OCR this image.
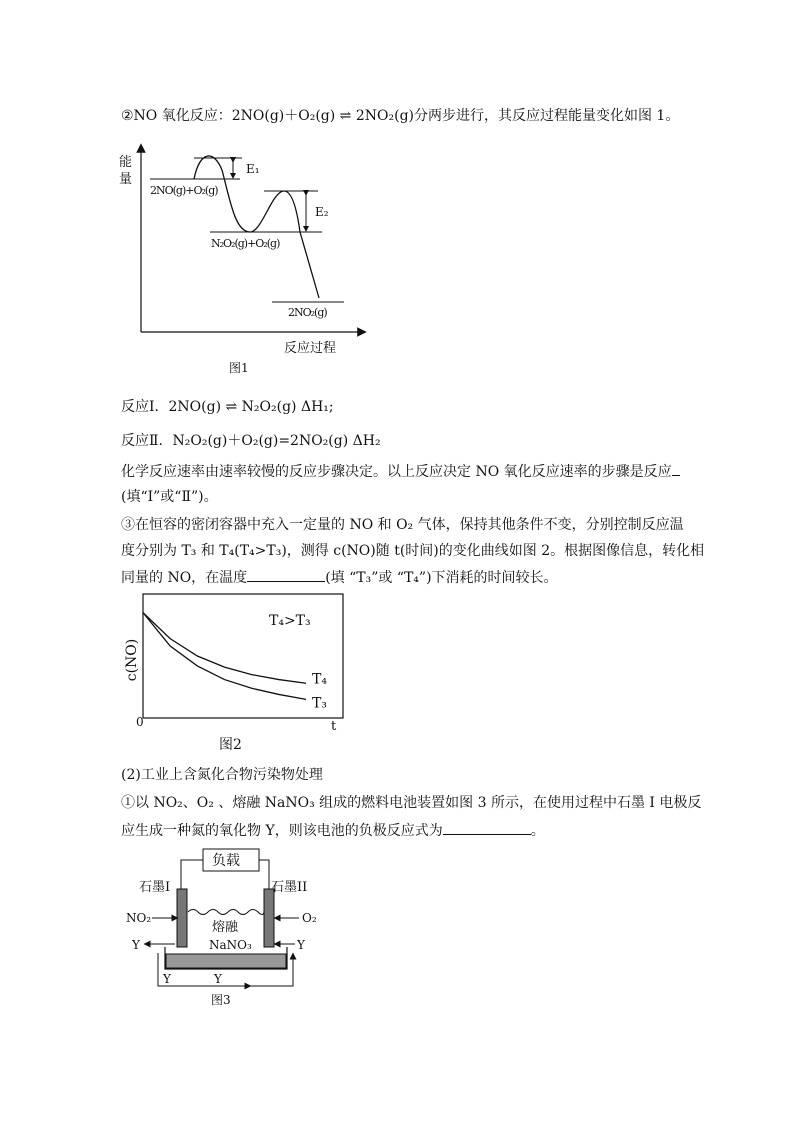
②NO 氧化反应：2NO(g)＋O₂(g) ⇌ 2NO₂(g)分两步进行，其反应过程能量变化如图 1。
能
量
反应过程
图1
E₁
E₂
2NO(g)+O₂(g)
N₂O₂(g)+O₂(g)
2NO₂(g)
反应Ⅰ．2NO(g) ⇌ N₂O₂(g) ΔH₁;
反应Ⅱ．N₂O₂(g)＋O₂(g)=2NO₂(g) ΔH₂
化学反应速率由速率较慢的反应步骤决定。以上反应决定 NO 氧化反应速率的步骤是反应
(填“Ⅰ”或“Ⅱ”)。
③在恒容的密闭容器中充入一定量的 NO 和 O₂ 气体，保持其他条件不变，分别控制反应温
度分别为 T₃ 和 T₄(T₄>T₃)，测得 c(NO)随 t(时间)的变化曲线如图 2。根据图像信息，转化相
同量的 NO，在温度	(填 “T₃”或 “T₄”)下消耗的时间较长。
T₄
T₃
c(NO)
0	t
T₄>T₃
图2
(2)工业上含氮化合物污染物处理
①以 NO₂、O₂ 、熔融 NaNO₃ 组成的燃料电池装置如图 3 所示，在使用过程中石墨 I 电极反
应生成一种氮的氧化物 Y，则该电池的负极反应式为	。
负载
石墨I	石墨II
熔融
NaNO₃
NO₂	O₂
Y	Y
Y	Y
图3
